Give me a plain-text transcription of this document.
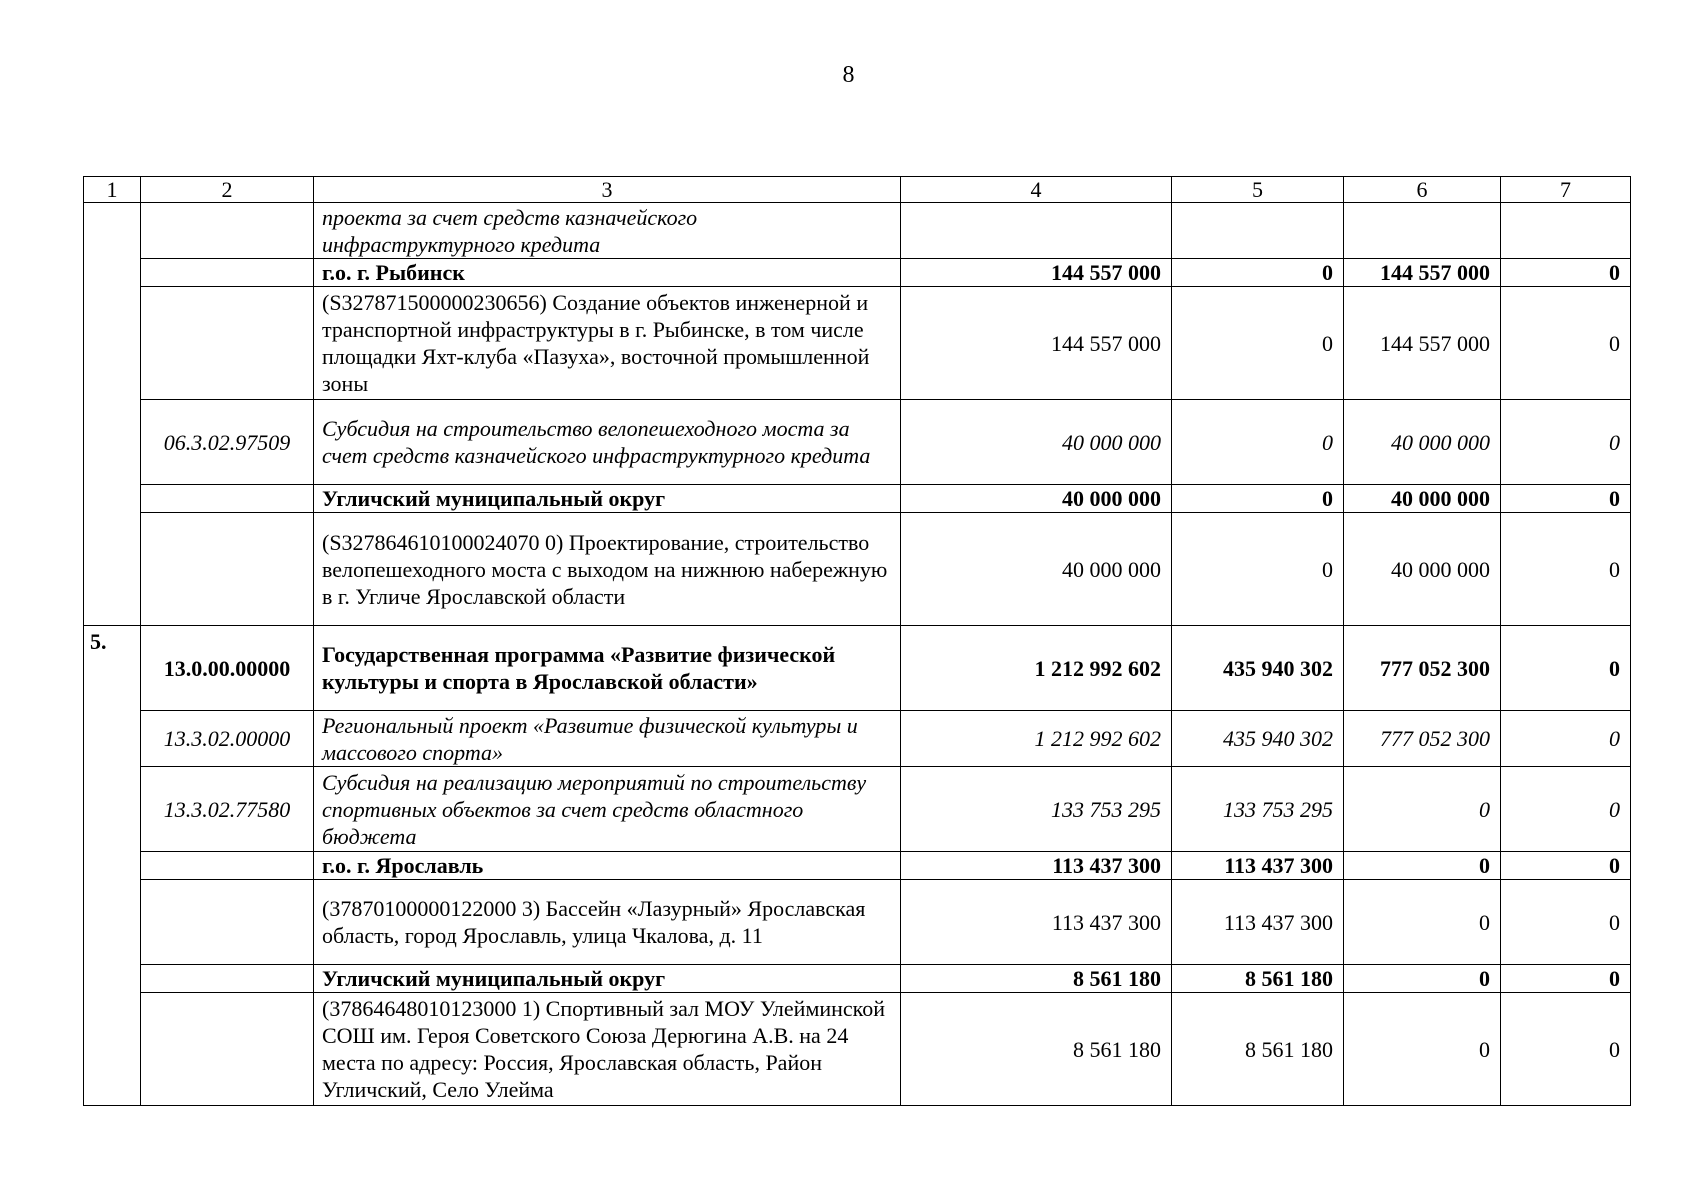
8
1	2	3	4	5	6	7
		проекта за счет средств казначейского инфраструктурного кредита				
		г.о. г. Рыбинск	144 557 000	0	144 557 000	0
		(S327871500000230656) Создание объектов инженерной и транспортной инфраструктуры в г. Рыбинске, в том числе площадки Яхт-клуба «Пазуха», восточной промышленной зоны	144 557 000	0	144 557 000	0
	06.3.02.97509	Субсидия на строительство велопешеходного моста за счет средств казначейского инфраструктурного кредита	40 000 000	0	40 000 000	0
		Угличский муниципальный округ	40 000 000	0	40 000 000	0
		(S327864610100024070 0) Проектирование, строительство велопешеходного моста с выходом на нижнюю набережную в г. Угличе Ярославской области	40 000 000	0	40 000 000	0
5.	13.0.00.00000	Государственная программа «Развитие физической культуры и спорта в Ярославской области»	1 212 992 602	435 940 302	777 052 300	0
	13.3.02.00000	Региональный проект «Развитие физической культуры и массового спорта»	1 212 992 602	435 940 302	777 052 300	0
	13.3.02.77580	Субсидия на реализацию мероприятий по строительству спортивных объектов за счет средств областного бюджета	133 753 295	133 753 295	0	0
		г.о. г. Ярославль	113 437 300	113 437 300	0	0
		(37870100000122000 3) Бассейн «Лазурный» Ярославская область, город Ярославль, улица Чкалова, д. 11	113 437 300	113 437 300	0	0
		Угличский муниципальный округ	8 561 180	8 561 180	0	0
		(37864648010123000 1) Спортивный зал МОУ Улейминской СОШ им. Героя Советского Союза Дерюгина А.В. на 24 места по адресу: Россия, Ярославская область, Район Угличский, Село Улейма	8 561 180	8 561 180	0	0
